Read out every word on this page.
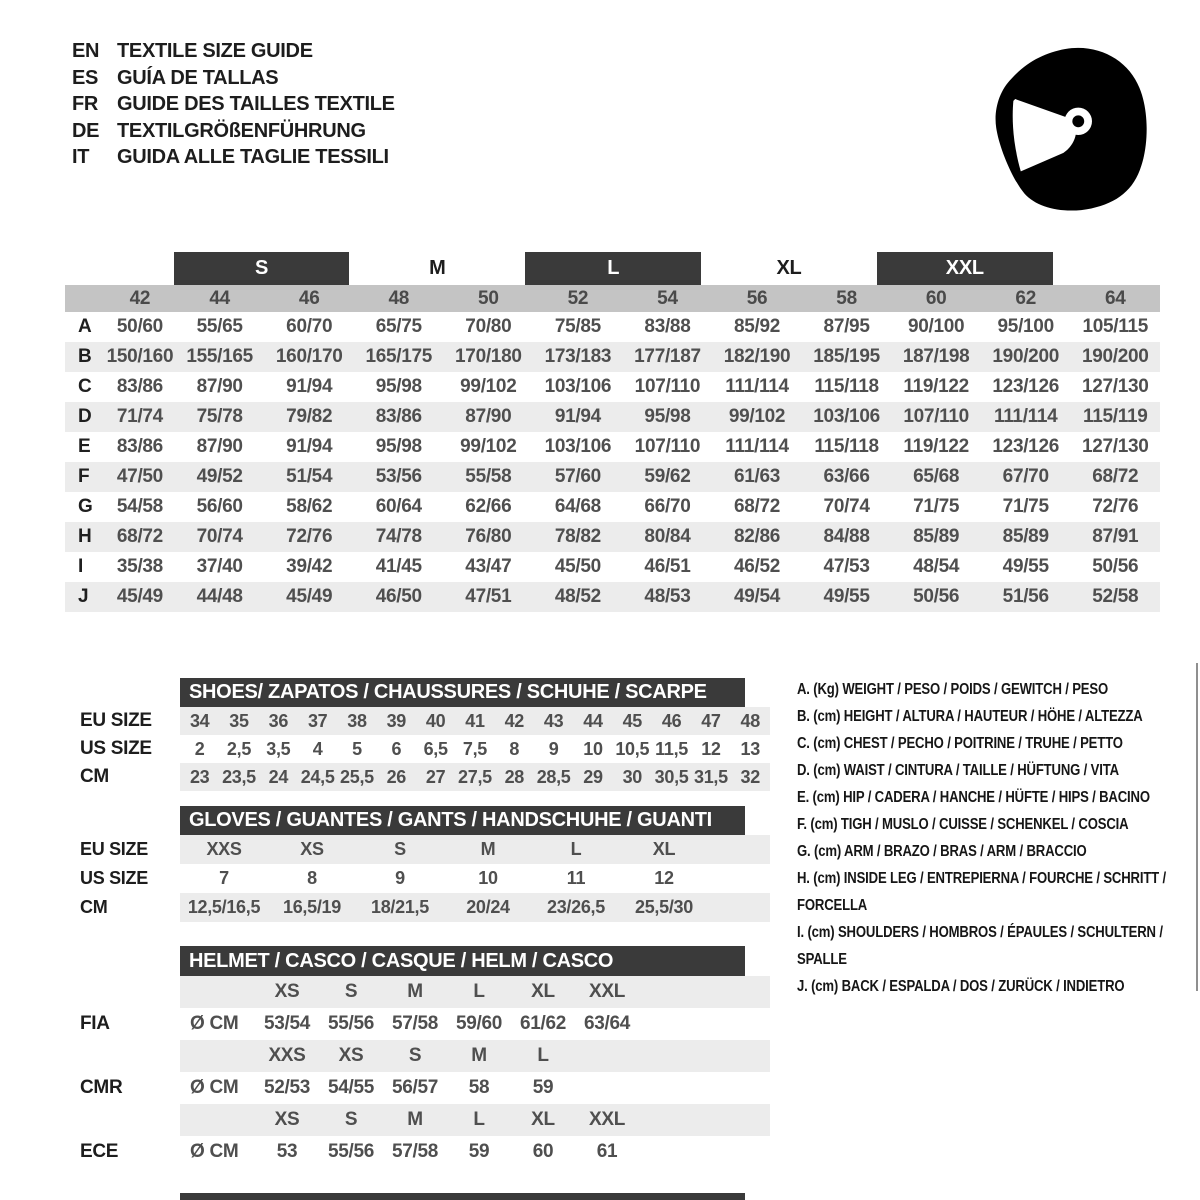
EN TEXTILE SIZE GUIDE
ES GUÍA DE TALLAS
FR GUIDE DES TAILLES TEXTILE
DE TEXTILGRÖßENFÜHRUNG
IT	GUIDA ALLE TAGLIE TESSILI
S	M	L	XL	XXL
42	44	46	48	50	52	54	56	58	60	62	64
A	50/60	55/65	60/70	65/75	70/80	75/85	83/88	85/92	87/95	90/100	95/100	105/115
B 150/160 155/165	160/170	165/175	170/180	173/183	177/187	182/190	185/195	187/198	190/200	190/200
C	83/86	87/90	91/94	95/98	99/102	103/106	107/110	111/114	115/118	119/122	123/126	127/130
D	71/74	75/78	79/82	83/86	87/90	91/94	95/98	99/102	103/106	107/110	111/114	115/119
E	83/86	87/90	91/94	95/98	99/102	103/106	107/110	111/114	115/118	119/122	123/126	127/130
F	47/50	49/52	51/54	53/56	55/58	57/60	59/62	61/63	63/66	65/68	67/70	68/72
G	54/58	56/60	58/62	60/64	62/66	64/68	66/70	68/72	70/74	71/75	71/75	72/76
H	68/72	70/74	72/76	74/78	76/80	78/82	80/84	82/86	84/88	85/89	85/89	87/91
I	35/38	37/40	39/42	41/45	43/47	45/50	46/51	46/52	47/53	48/54	49/55	50/56
J	45/49	44/48	45/49	46/50	47/51	48/52	48/53	49/54	49/55	50/56	51/56	52/58
SHOES/ ZAPATOS / CHAUSSURES / SCHUHE / SCARPE
EU SIZE	34	35	36	37	38	39	40	41	42	43	44	45	46	47	48
US SIZE	2	2,5 3,5	4	5	6	6,5 7,5	8	9	10 10,5 11,5 12	13
CM	23 23,5 24 24,5 25,5 26	27 27,5 28 28,5 29	30 30,5 31,5 32
GLOVES / GUANTES / GANTS / HANDSCHUHE / GUANTI
EU SIZE	XXS	XS	S	M	L	XL
US SIZE	7	8	9	10	11	12
CM	12,5/16,5	16,5/19	18/21,5	20/24	23/26,5	25,5/30
HELMET / CASCO / CASQUE / HELM / CASCO
XS	S	M	L	XL	XXL
FIA	Ø CM	53/54 55/56 57/58 59/60 61/62 63/64
XXS	XS	S	M	L
CMR	Ø CM	52/53 54/55 56/57	58	59
XS	S	M	L	XL	XXL
ECE	Ø CM	53	55/56 57/58	59	60	61
A. (Kg) WEIGHT / PESO / POIDS / GEWITCH / PESO
B. (cm) HEIGHT / ALTURA / HAUTEUR / HÖHE / ALTEZZA
C. (cm) CHEST / PECHO / POITRINE / TRUHE / PETTO
D. (cm) WAIST / CINTURA / TAILLE / HÜFTUNG / VITA
E. (cm) HIP / CADERA / HANCHE / HÜFTE / HIPS / BACINO
F. (cm) TIGH / MUSLO / CUISSE / SCHENKEL / COSCIA
G. (cm) ARM / BRAZO / BRAS / ARM / BRACCIO
H. (cm) INSIDE LEG / ENTREPIERNA / FOURCHE / SCHRITT / FORCELLA
I. (cm) SHOULDERS / HOMBROS / ÉPAULES / SCHULTERN / SPALLE
J. (cm) BACK / ESPALDA / DOS / ZURÜCK / INDIETRO
